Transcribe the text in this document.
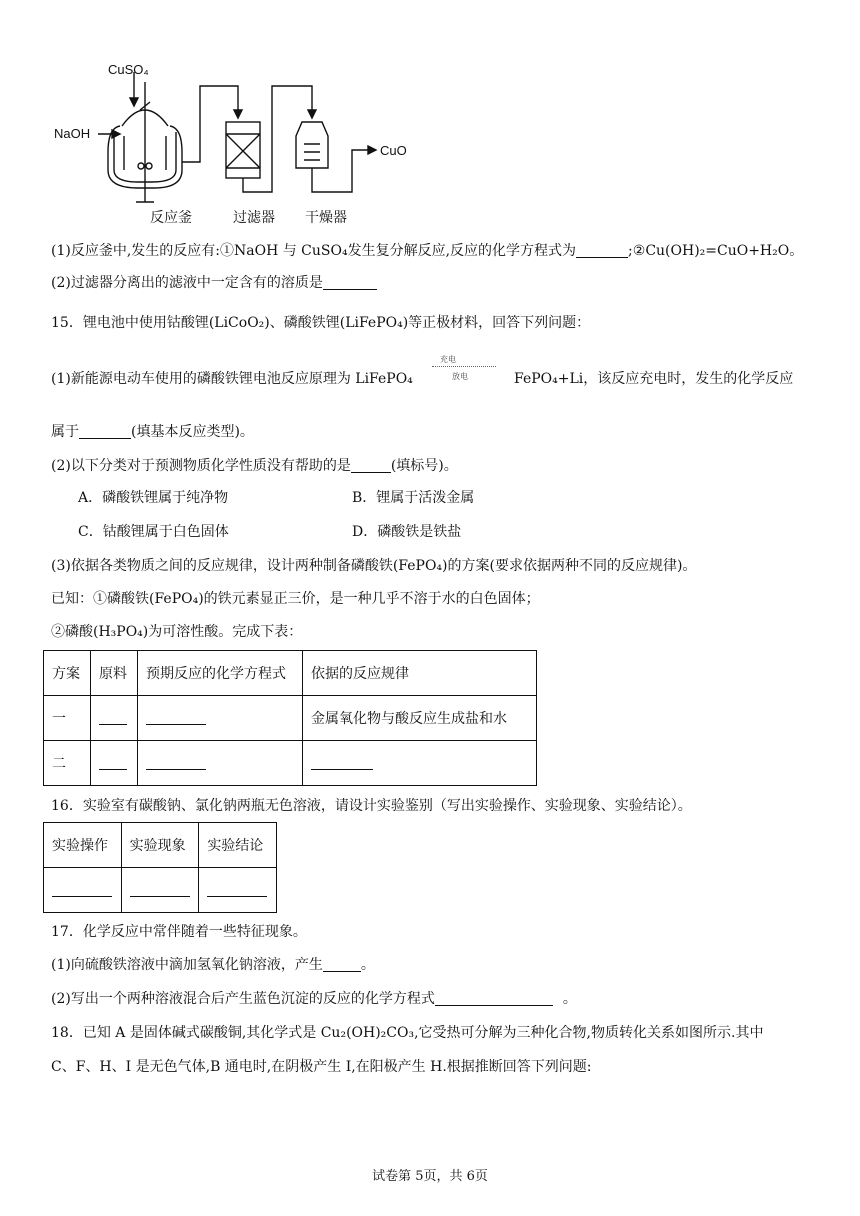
CuSO₄
NaOH
CuO
反应釜	过滤器 干燥器
(1)反应釜中,发生的反应有:①NaOH 与 CuSO₄发生复分解反应,反应的化学方程式为	;②Cu(OH)₂=CuO+H₂O。
(2)过滤器分离出的滤液中一定含有的溶质是
15．锂电池中使用钴酸锂(LiCoO₂)、磷酸铁锂(LiFePO₄)等正极材料，回答下列问题：
(1)新能源电动车使用的磷酸铁锂电池反应原理为 LiFePO₄
充电
放电	FePO₄+Li，该反应充电时，发生的化学反应
属于	(填基本反应类型)。
(2)以下分类对于预测物质化学性质没有帮助的是	(填标号)。
A．磷酸铁锂属于纯净物	B．锂属于活泼金属
C．钴酸锂属于白色固体	D．磷酸铁是铁盐
(3)依据各类物质之间的反应规律，设计两种制备磷酸铁(FePO₄)的方案(要求依据两种不同的反应规律)。
已知：①磷酸铁(FePO₄)的铁元素显正三价，是一种几乎不溶于水的白色固体；
②磷酸(H₃PO₄)为可溶性酸。完成下表：
方案	原料	预期反应的化学方程式	依据的反应规律
一			金属氧化物与酸反应生成盐和水
二			
16．实验室有碳酸钠、氯化钠两瓶无色溶液，请设计实验鉴别（写出实验操作、实验现象、实验结论）。
实验操作	实验现象	实验结论

17．化学反应中常伴随着一些特征现象。
(1)向硫酸铁溶液中滴加氢氧化钠溶液，产生	。
(2)写出一个两种溶液混合后产生蓝色沉淀的反应的化学方程式	。
18．已知 A 是固体碱式碳酸铜,其化学式是 Cu₂(OH)₂CO₃,它受热可分解为三种化合物,物质转化关系如图所示.其中
C、F、H、I 是无色气体,B 通电时,在阴极产生 I,在阳极产生 H.根据推断回答下列问题:
试卷第 5页，共 6页
